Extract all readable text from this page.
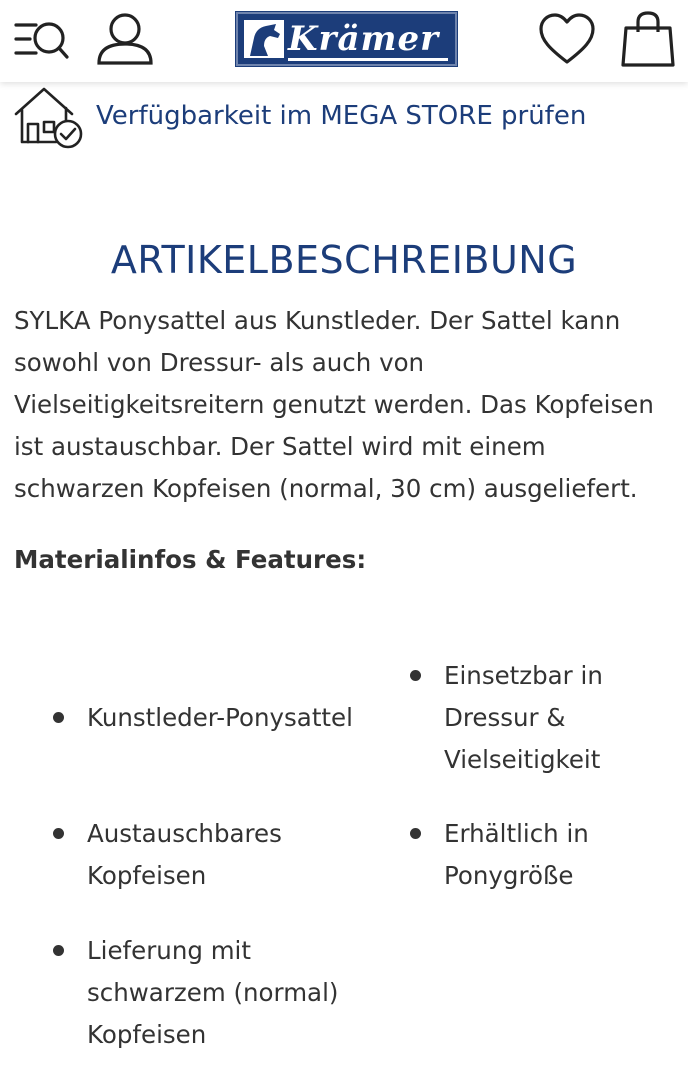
Krämer
Verfügbarkeit im MEGA STORE prüfen
ARTIKELBESCHREIBUNG

SYLKA Ponysattel aus Kunstleder. Der Sattel kann sowohl von Dressur- als auch von Vielseitigkeitsreitern genutzt werden. Das Kopfeisen ist austauschbar. Der Sattel wird mit einem schwarzen Kopfeisen (normal, 30 cm) ausgeliefert.

Materialinfos & Features:

Kunstleder-Ponysattel
Einsetzbar in Dressur & Vielseitigkeit
Austauschbares Kopfeisen
Erhältlich in Ponygröße
Lieferung mit schwarzem (normal) Kopfeisen
